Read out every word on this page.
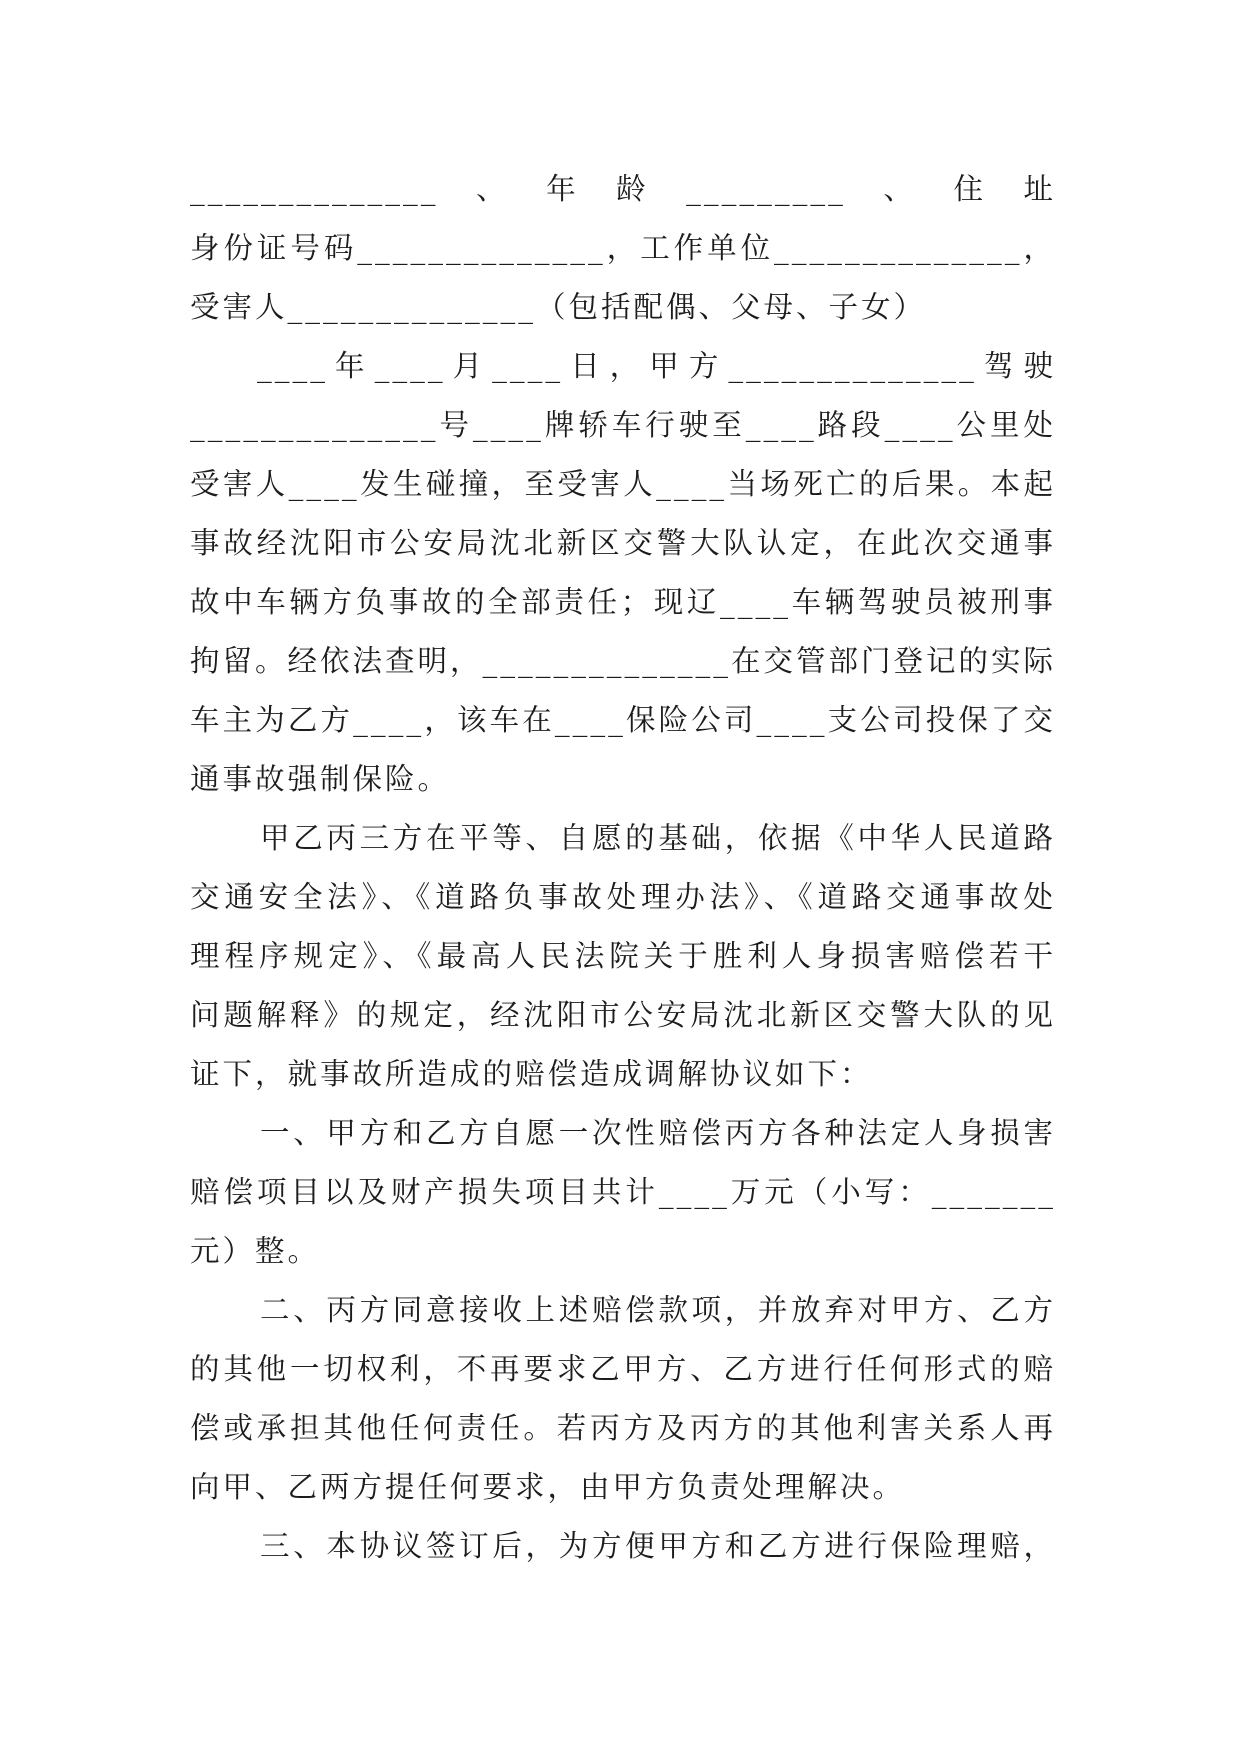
______________、年龄_________、住址
身份证号码______________，工作单位______________，
受害人______________（包括配偶、父母、子女）
____年____月____日，甲方______________驾驶
______________号____牌轿车行驶至____路段____公里处
受害人____发生碰撞，至受害人____当场死亡的后果。本起
事故经沈阳市公安局沈北新区交警大队认定，在此次交通事
故中车辆方负事故的全部责任；现辽____车辆驾驶员被刑事
拘留。经依法查明，______________在交管部门登记的实际
车主为乙方____，该车在____保险公司____支公司投保了交
通事故强制保险。
甲乙丙三方在平等、自愿的基础，依据《中华人民道路
交通安全法》、《道路负事故处理办法》、《道路交通事故处
理程序规定》、《最高人民法院关于胜利人身损害赔偿若干
问题解释》的规定，经沈阳市公安局沈北新区交警大队的见
证下，就事故所造成的赔偿造成调解协议如下：
一、甲方和乙方自愿一次性赔偿丙方各种法定人身损害
赔偿项目以及财产损失项目共计____万元（小写：_______
元）整。
二、丙方同意接收上述赔偿款项，并放弃对甲方、乙方
的其他一切权利，不再要求乙甲方、乙方进行任何形式的赔
偿或承担其他任何责任。若丙方及丙方的其他利害关系人再
向甲、乙两方提任何要求，由甲方负责处理解决。
三、本协议签订后，为方便甲方和乙方进行保险理赔，
